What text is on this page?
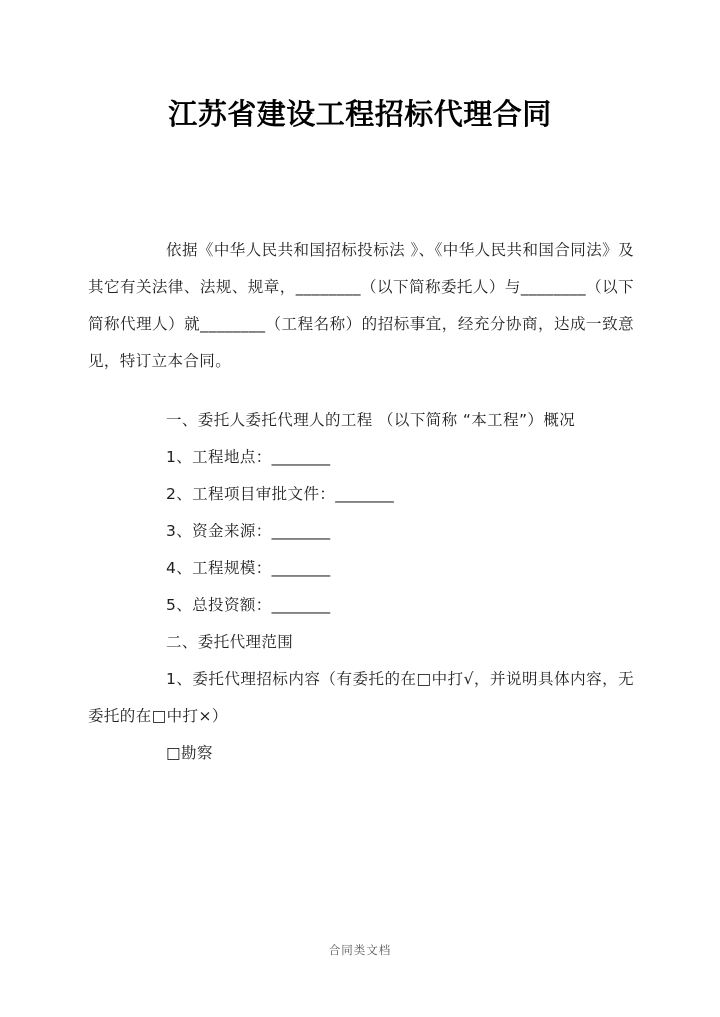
江苏省建设工程招标代理合同

依据《中华人民共和国招标投标法 》、《中华人民共和国合同法》及其它有关法律、法规、规章，________（以下简称委托人）与________（以下简称代理人）就________（工程名称）的招标事宜，经充分协商，达成一致意见，特订立本合同。

一、委托人委托代理人的工程 （以下简称 “本工程”）概况

1、工程地点：________

2、工程项目审批文件：________

3、资金来源：________

4、工程规模：________

5、总投资额：________

二、委托代理范围

1、委托代理招标内容（有委托的在□中打√，并说明具体内容，无委托的在□中打×）

□勘察

合同类文档
